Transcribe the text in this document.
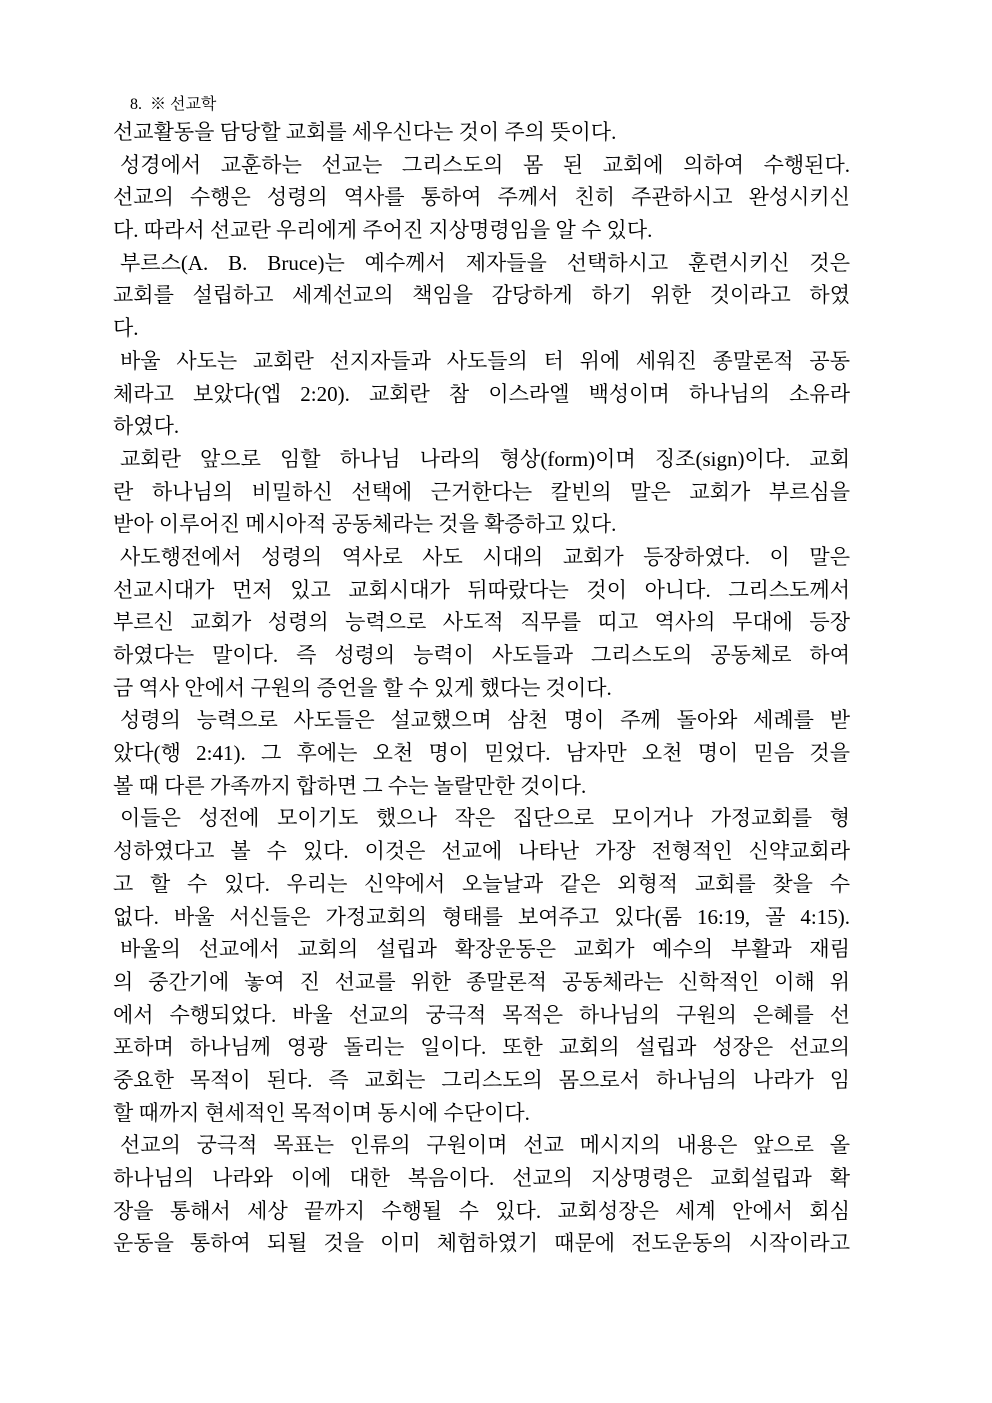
8.  ※ 선교학
선교활동을 담당할 교회를 세우신다는 것이 주의 뜻이다.
성경에서 교훈하는 선교는 그리스도의 몸 된 교회에 의하여 수행된다.
선교의 수행은 성령의 역사를 통하여 주께서 친히 주관하시고 완성시키신
다. 따라서 선교란 우리에게 주어진 지상명령임을 알 수 있다.
부르스(A. B. Bruce)는 예수께서 제자들을 선택하시고 훈련시키신 것은
교회를 설립하고 세계선교의 책임을 감당하게 하기 위한 것이라고 하였
다.
바울 사도는 교회란 선지자들과 사도들의 터 위에 세워진 종말론적 공동
체라고 보았다(엡 2:20). 교회란 참 이스라엘 백성이며 하나님의 소유라
하였다.
교회란 앞으로 임할 하나님 나라의 형상(form)이며 징조(sign)이다. 교회
란 하나님의 비밀하신 선택에 근거한다는 칼빈의 말은 교회가 부르심을
받아 이루어진 메시아적 공동체라는 것을 확증하고 있다.
사도행전에서 성령의 역사로 사도 시대의 교회가 등장하였다. 이 말은
선교시대가 먼저 있고 교회시대가 뒤따랐다는 것이 아니다. 그리스도께서
부르신 교회가 성령의 능력으로 사도적 직무를 띠고 역사의 무대에 등장
하였다는 말이다. 즉 성령의 능력이 사도들과 그리스도의 공동체로 하여
금 역사 안에서 구원의 증언을 할 수 있게 했다는 것이다.
성령의 능력으로 사도들은 설교했으며 삼천 명이 주께 돌아와 세례를 받
았다(행 2:41). 그 후에는 오천 명이 믿었다. 남자만 오천 명이 믿음 것을
볼 때 다른 가족까지 합하면 그 수는 놀랄만한 것이다.
이들은 성전에 모이기도 했으나 작은 집단으로 모이거나 가정교회를 형
성하였다고 볼 수 있다. 이것은 선교에 나타난 가장 전형적인 신약교회라
고 할 수 있다. 우리는 신약에서 오늘날과 같은 외형적 교회를 찾을 수
없다. 바울 서신들은 가정교회의 형태를 보여주고 있다(롬 16:19, 골 4:15).
바울의 선교에서 교회의 설립과 확장운동은 교회가 예수의 부활과 재림
의 중간기에 놓여 진 선교를 위한 종말론적 공동체라는 신학적인 이해 위
에서 수행되었다. 바울 선교의 궁극적 목적은 하나님의 구원의 은혜를 선
포하며 하나님께 영광 돌리는 일이다. 또한 교회의 설립과 성장은 선교의
중요한 목적이 된다. 즉 교회는 그리스도의 몸으로서 하나님의 나라가 임
할 때까지 현세적인 목적이며 동시에 수단이다.
선교의 궁극적 목표는 인류의 구원이며 선교 메시지의 내용은 앞으로 올
하나님의 나라와 이에 대한 복음이다. 선교의 지상명령은 교회설립과 확
장을 통해서 세상 끝까지 수행될 수 있다. 교회성장은 세계 안에서 회심
운동을 통하여 되될 것을 이미 체험하였기 때문에 전도운동의 시작이라고
